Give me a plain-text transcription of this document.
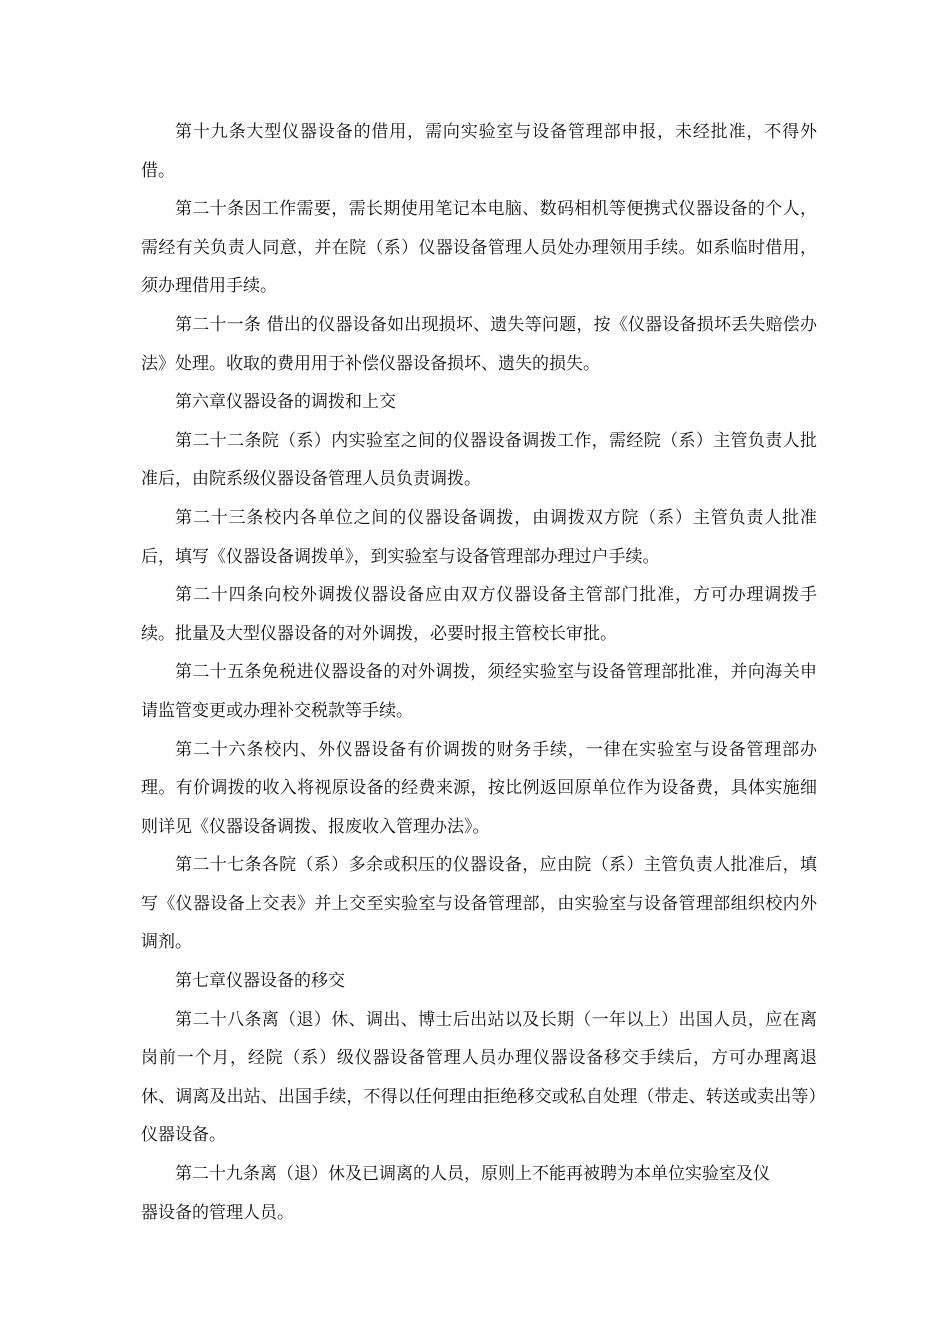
第十九条大型仪器设备的借用，需向实验室与设备管理部申报，未经批准，不得外借。

第二十条因工作需要，需长期使用笔记本电脑、数码相机等便携式仪器设备的个人，需经有关负责人同意，并在院（系）仪器设备管理人员处办理领用手续。如系临时借用，须办理借用手续。

第二十一条 借出的仪器设备如出现损坏、遗失等问题，按《仪器设备损坏丢失赔偿办法》处理。收取的费用用于补偿仪器设备损坏、遗失的损失。

第六章仪器设备的调拨和上交

第二十二条院（系）内实验室之间的仪器设备调拨工作，需经院（系）主管负责人批准后，由院系级仪器设备管理人员负责调拨。

第二十三条校内各单位之间的仪器设备调拨，由调拨双方院（系）主管负责人批准后，填写《仪器设备调拨单》，到实验室与设备管理部办理过户手续。

第二十四条向校外调拨仪器设备应由双方仪器设备主管部门批准，方可办理调拨手续。批量及大型仪器设备的对外调拨，必要时报主管校长审批。

第二十五条免税进仪器设备的对外调拨，须经实验室与设备管理部批准，并向海关申请监管变更或办理补交税款等手续。

第二十六条校内、外仪器设备有价调拨的财务手续，一律在实验室与设备管理部办理。有价调拨的收入将视原设备的经费来源，按比例返回原单位作为设备费，具体实施细则详见《仪器设备调拨、报废收入管理办法》。

第二十七条各院（系）多余或积压的仪器设备，应由院（系）主管负责人批准后，填写《仪器设备上交表》并上交至实验室与设备管理部，由实验室与设备管理部组织校内外调剂。

第七章仪器设备的移交

第二十八条离（退）休、调出、博士后出站以及长期（一年以上）出国人员，应在离岗前一个月，经院（系）级仪器设备管理人员办理仪器设备移交手续后，方可办理离退休、调离及出站、出国手续，不得以任何理由拒绝移交或私自处理（带走、转送或卖出等）仪器设备。

第二十九条离（退）休及已调离的人员，原则上不能再被聘为本单位实验室及仪器设备的管理人员。
